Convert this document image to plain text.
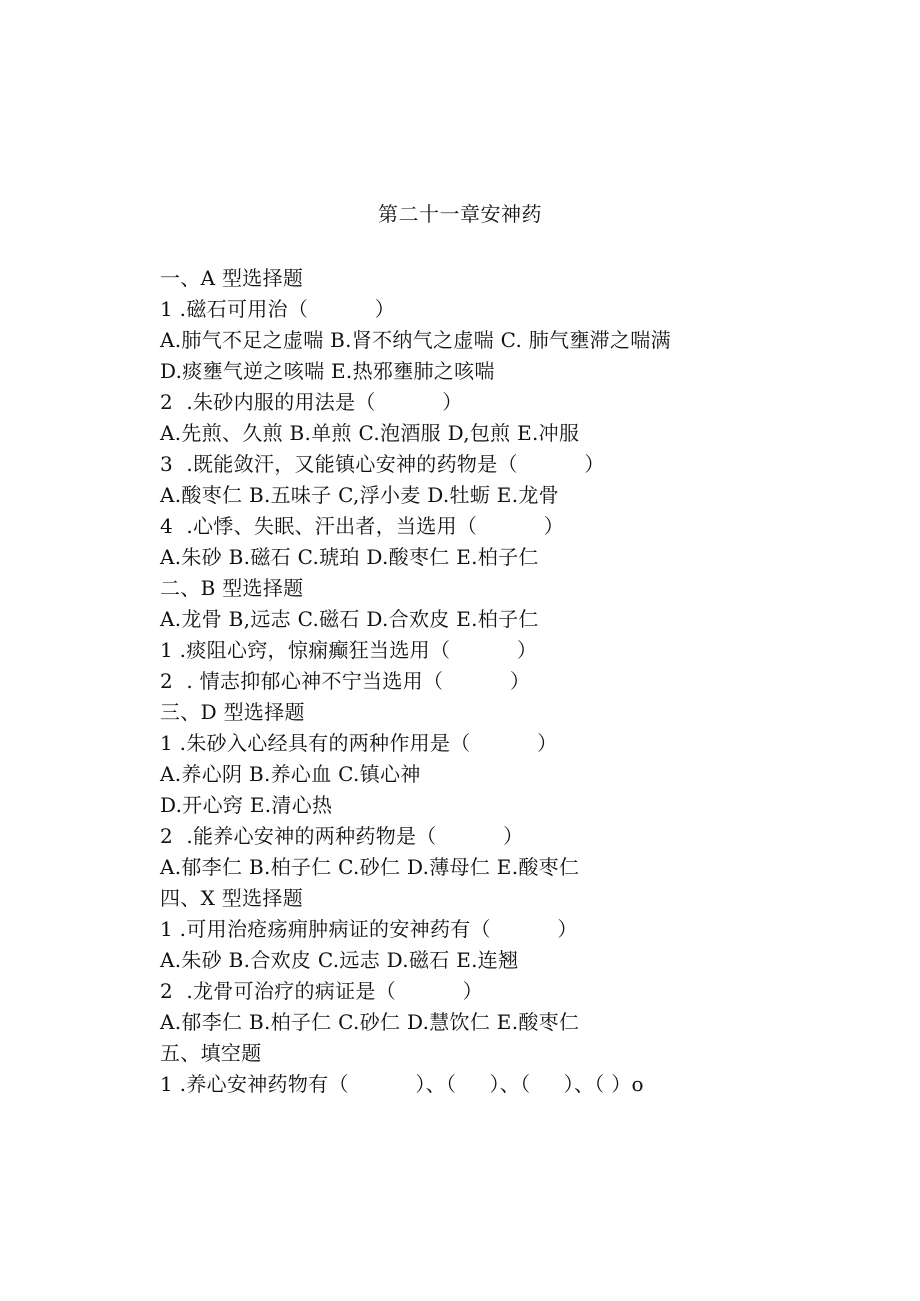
第二十一章安神药
一、A 型选择题
1 .磁石可用治（          ）
A.肺气不足之虚喘 B.肾不纳气之虚喘 C. 肺气壅滞之喘满
D.痰壅气逆之咳喘 E.热邪壅肺之咳喘
2  .朱砂内服的用法是（          ）
A.先煎、久煎 B.单煎 C.泡酒服 D,包煎 E.冲服
3  .既能敛汗，又能镇心安神的药物是（          ）
A.酸枣仁 B.五味子 C,浮小麦 D.牡蛎 E.龙骨
4  .心悸、失眠、汗出者，当选用（          ）
A.朱砂 B.磁石 C.琥珀 D.酸枣仁 E.柏子仁
二、B 型选择题
A.龙骨 B,远志 C.磁石 D.合欢皮 E.柏子仁
1 .痰阻心窍，惊痫癫狂当选用（          ）
2  . 情志抑郁心神不宁当选用（          ）
三、D 型选择题
1 .朱砂入心经具有的两种作用是（          ）
A.养心阴 B.养心血 C.镇心神
D.开心窍 E.清心热
2  .能养心安神的两种药物是（          ）
A.郁李仁 B.柏子仁 C.砂仁 D.薄母仁 E.酸枣仁
四、X 型选择题
1 .可用治疮疡痈肿病证的安神药有（          ）
A.朱砂 B.合欢皮 C.远志 D.磁石 E.连翘
2  .龙骨可治疗的病证是（          ）
A.郁李仁 B.柏子仁 C.砂仁 D.慧饮仁 E.酸枣仁
五、填空题
1 .养心安神药物有（          ）、（     ）、（     ）、（ ）o
